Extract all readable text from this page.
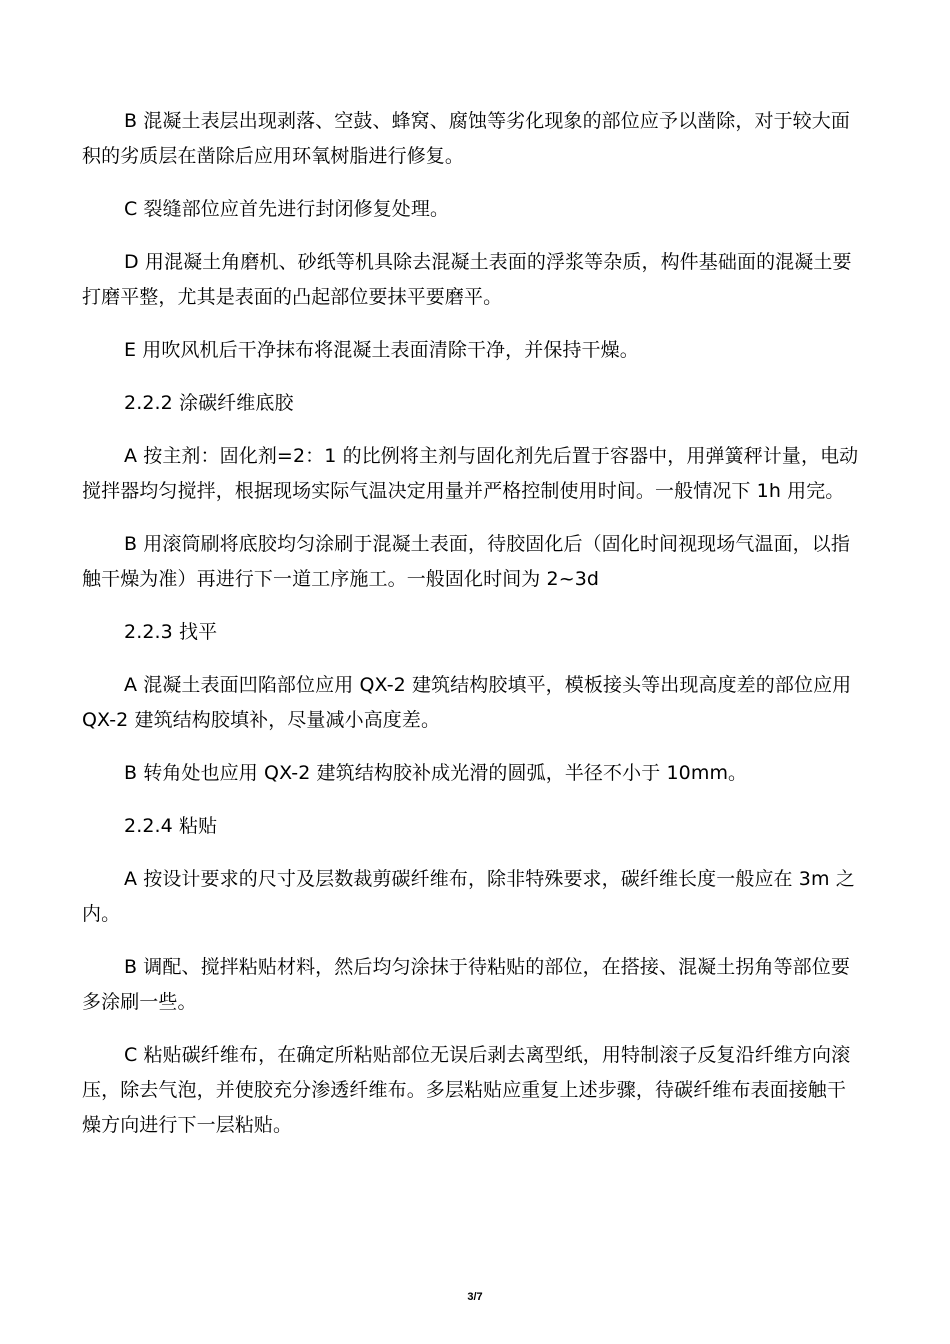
B 混凝土表层出现剥落、空鼓、蜂窝、腐蚀等劣化现象的部位应予以凿除，对于较大面积的劣质层在凿除后应用环氧树脂进行修复。

C 裂缝部位应首先进行封闭修复处理。

D 用混凝土角磨机、砂纸等机具除去混凝土表面的浮浆等杂质，构件基础面的混凝土要打磨平整，尤其是表面的凸起部位要抹平要磨平。

E 用吹风机后干净抹布将混凝土表面清除干净，并保持干燥。

2.2.2 涂碳纤维底胶

A 按主剂：固化剂=2：1 的比例将主剂与固化剂先后置于容器中，用弹簧秤计量，电动搅拌器均匀搅拌，根据现场实际气温决定用量并严格控制使用时间。一般情况下 1h 用完。

B 用滚筒刷将底胶均匀涂刷于混凝土表面，待胶固化后（固化时间视现场气温面，以指触干燥为准）再进行下一道工序施工。一般固化时间为 2~3d

2.2.3 找平

A 混凝土表面凹陷部位应用 QX-2 建筑结构胶填平，模板接头等出现高度差的部位应用 QX-2 建筑结构胶填补，尽量减小高度差。

B 转角处也应用 QX-2 建筑结构胶补成光滑的圆弧，半径不小于 10mm。

2.2.4 粘贴

A 按设计要求的尺寸及层数裁剪碳纤维布，除非特殊要求，碳纤维长度一般应在 3m 之内。

B 调配、搅拌粘贴材料，然后均匀涂抹于待粘贴的部位，在搭接、混凝土拐角等部位要多涂刷一些。

C 粘贴碳纤维布，在确定所粘贴部位无误后剥去离型纸，用特制滚子反复沿纤维方向滚压，除去气泡，并使胶充分渗透纤维布。多层粘贴应重复上述步骤，待碳纤维布表面接触干燥方向进行下一层粘贴。

3/7
